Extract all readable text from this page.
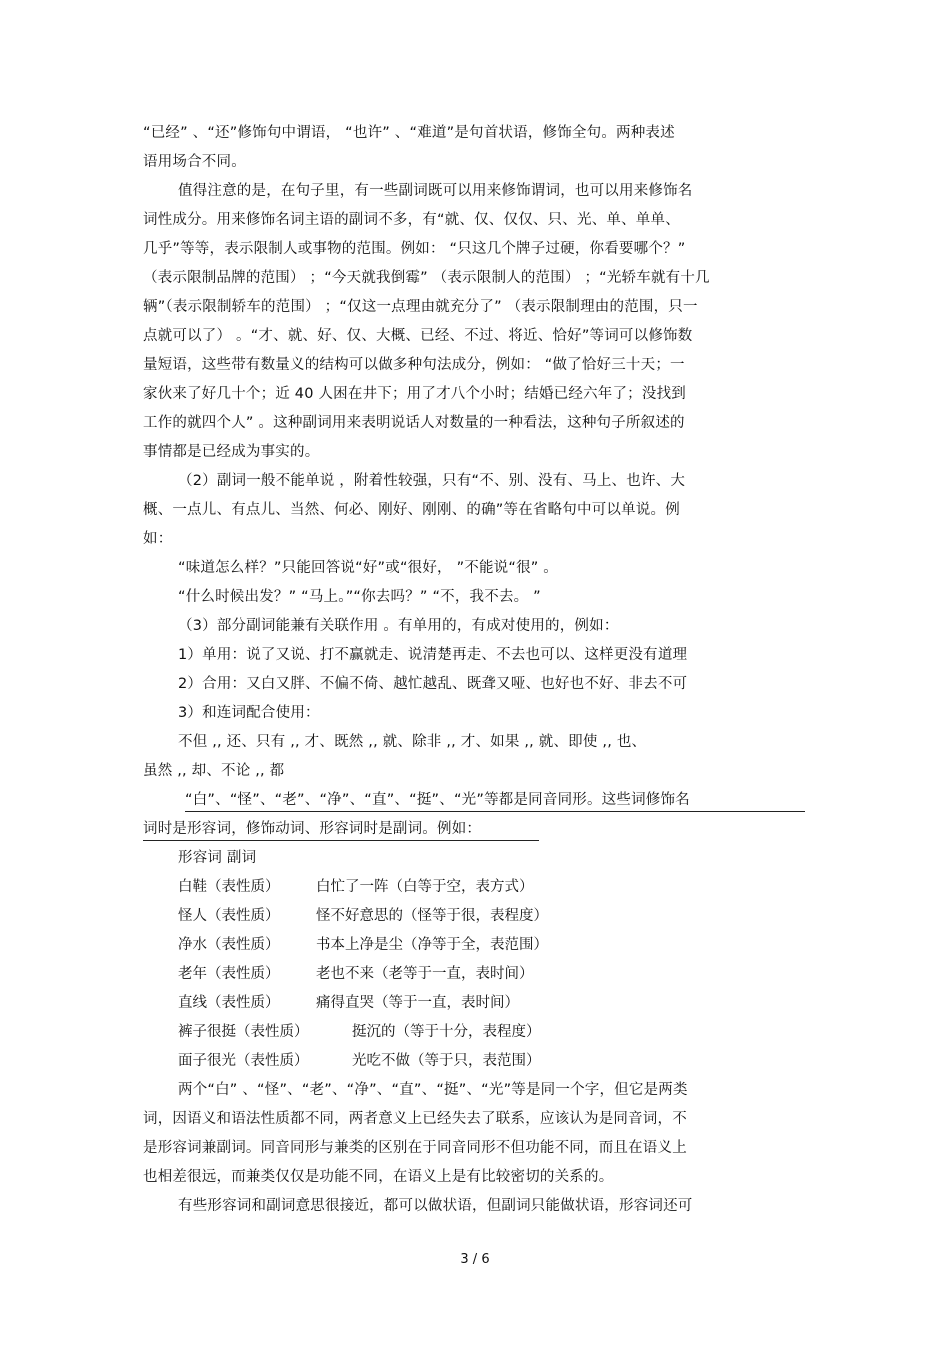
“已经” 、“还”修饰句中谓语， “也许” 、“难道”是句首状语，修饰全句。两种表述
语用场合不同。
值得注意的是，在句子里，有一些副词既可以用来修饰谓词，也可以用来修饰名
词性成分。用来修饰名词主语的副词不多，有“就、仅、仅仅、只、光、单、单单、
几乎”等等，表示限制人或事物的范围。例如： “只这几个牌子过硬，你看要哪个？”
（表示限制品牌的范围） ；“今天就我倒霉” （表示限制人的范围） ；“光轿车就有十几
辆”（表示限制轿车的范围） ；“仅这一点理由就充分了” （表示限制理由的范围，只一
点就可以了） 。“才、就、好、仅、大概、已经、不过、将近、恰好”等词可以修饰数
量短语，这些带有数量义的结构可以做多种句法成分，例如： “做了恰好三十天；一
家伙来了好几十个；近 40 人困在井下；用了才八个小时；结婚已经六年了；没找到
工作的就四个人” 。这种副词用来表明说话人对数量的一种看法，这种句子所叙述的
事情都是已经成为事实的。
（2）副词一般不能单说 ，附着性较强，只有“不、别、没有、马上、也许、大
概、一点儿、有点儿、当然、何必、刚好、刚刚、的确”等在省略句中可以单说。例
如：
“味道怎么样？”只能回答说“好”或“很好， ”不能说“很” 。
“什么时候出发？” “马上。”“你去吗？” “不，我不去。 ”
（3）部分副词能兼有关联作用 。有单用的，有成对使用的，例如：
1）单用：说了又说、打不赢就走、说清楚再走、不去也可以、这样更没有道理
2）合用：又白又胖、不偏不倚、越忙越乱、既聋又哑、也好也不好、非去不可
3）和连词配合使用：
不但 ,, 还、只有 ,, 才、既然 ,, 就、除非 ,, 才、如果 ,, 就、即使 ,, 也、
虽然 ,, 却、不论 ,, 都
“白”、“怪”、“老”、“净”、“直”、“挺”、“光”等都是同音同形。这些词修饰名
词时是形容词，修饰动词、形容词时是副词。例如：
形容词 副词
白鞋（表性质）	白忙了一阵（白等于空，表方式）
怪人（表性质）	怪不好意思的（怪等于很，表程度）
净水（表性质）	书本上净是尘（净等于全，表范围）
老年（表性质）	老也不来（老等于一直，表时间）
直线（表性质）	痛得直哭（等于一直，表时间）
裤子很挺（表性质）	挺沉的（等于十分，表程度）
面子很光（表性质）	光吃不做（等于只，表范围）
两个“白” 、“怪”、“老”、“净”、“直”、“挺”、“光”等是同一个字，但它是两类
词，因语义和语法性质都不同，两者意义上已经失去了联系，应该认为是同音词，不
是形容词兼副词。同音同形与兼类的区别在于同音同形不但功能不同，而且在语义上
也相差很远，而兼类仅仅是功能不同，在语义上是有比较密切的关系的。
有些形容词和副词意思很接近，都可以做状语，但副词只能做状语，形容词还可
3 / 6
